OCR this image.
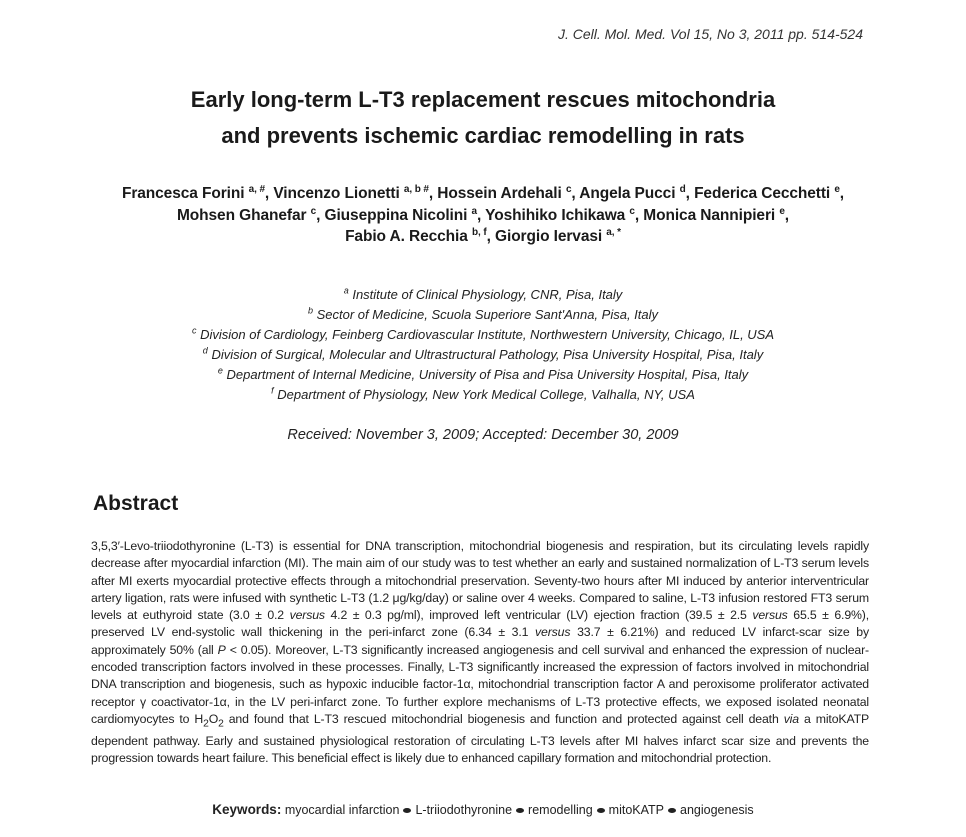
J. Cell. Mol. Med. Vol 15, No 3, 2011 pp. 514-524
Early long-term L-T3 replacement rescues mitochondria
and prevents ischemic cardiac remodelling in rats
Francesca Forini $^{a, \#}$, Vincenzo Lionetti $^{a, b \#}$, Hossein Ardehali $^c$, Angela Pucci $^d$, Federica Cecchetti $^e$,
Mohsen Ghanefar $^c$, Giuseppina Nicolini $^a$, Yoshihiko Ichikawa $^c$, Monica Nannipieri $^e$,
Fabio A. Recchia $^{b, f}$, Giorgio Iervasi $^{a, *}$
$^a$ Institute of Clinical Physiology, CNR, Pisa, Italy
$^b$ Sector of Medicine, Scuola Superiore Sant'Anna, Pisa, Italy
$^c$ Division of Cardiology, Feinberg Cardiovascular Institute, Northwestern University, Chicago, IL, USA
$^d$ Division of Surgical, Molecular and Ultrastructural Pathology, Pisa University Hospital, Pisa, Italy
$^e$ Department of Internal Medicine, University of Pisa and Pisa University Hospital, Pisa, Italy
$^f$ Department of Physiology, New York Medical College, Valhalla, NY, USA
Received: November 3, 2009; Accepted: December 30, 2009
Abstract

3,5,3′-Levo-triiodothyronine (L-T3) is essential for DNA transcription, mitochondrial biogenesis and respiration, but its circulating levels rapidly decrease after myocardial infarction (MI). The main aim of our study was to test whether an early and sustained normalization of L-T3 serum levels after MI exerts myocardial protective effects through a mitochondrial preservation. Seventy-two hours after MI induced by anterior interventricular artery ligation, rats were infused with synthetic L-T3 (1.2 μg/kg/day) or saline over 4 weeks. Compared to saline, L-T3 infusion restored FT3 serum levels at euthyroid state (3.0 ± 0.2 versus 4.2 ± 0.3 pg/ml), improved left ventricular (LV) ejection fraction (39.5 ± 2.5 versus 65.5 ± 6.9%), preserved LV end-systolic wall thickening in the peri-infarct zone (6.34 ± 3.1 versus 33.7 ± 6.21%) and reduced LV infarct-scar size by approximately 50% (all P < 0.05). Moreover, L-T3 significantly increased angiogenesis and cell survival and enhanced the expression of nuclear-encoded transcription factors involved in these processes. Finally, L-T3 significantly increased the expression of factors involved in mitochondrial DNA transcription and biogenesis, such as hypoxic inducible factor-1α, mitochondrial transcription factor A and peroxisome proliferator activated receptor γ coactivator-1α, in the LV peri-infarct zone. To further explore mechanisms of L-T3 protective effects, we exposed isolated neonatal cardiomyocytes to $H_2O_2$ and found that L-T3 rescued mitochondrial biogenesis and function and protected against cell death via a mitoKATP dependent pathway. Early and sustained physiological restoration of circulating L-T3 levels after MI halves infarct scar size and prevents the progression towards heart failure. This beneficial effect is likely due to enhanced capillary formation and mitochondrial protection.

Keywords: myocardial infarction L-triiodothyronine remodelling mitoKATP angiogenesis
